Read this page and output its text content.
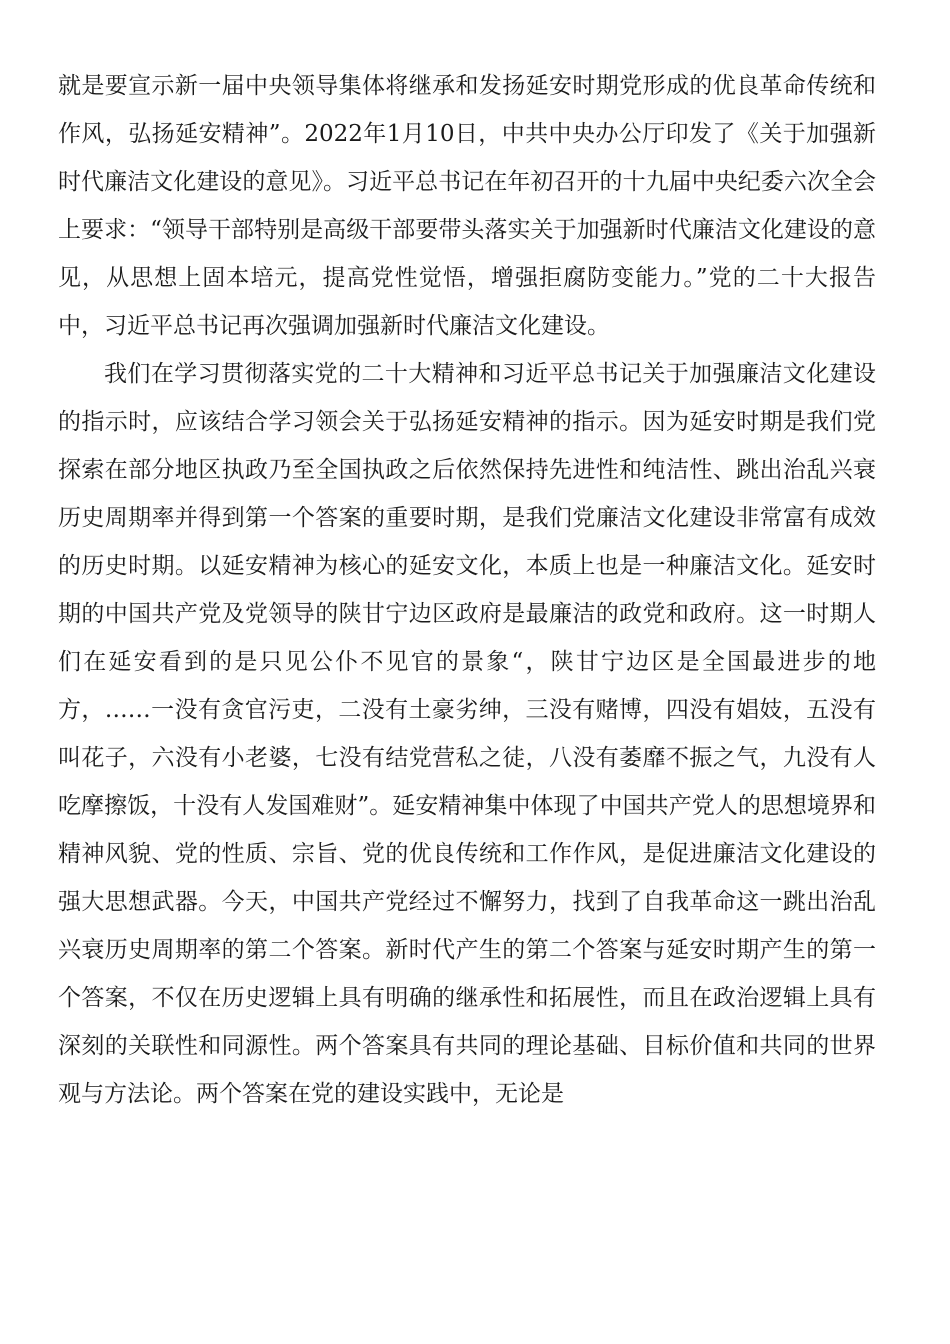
就是要宣示新一届中央领导集体将继承和发扬延安时期党形成的优良革命传统和作风，弘扬延安精神”。2022年1月10日，中共中央办公厅印发了《关于加强新时代廉洁文化建设的意见》。习近平总书记在年初召开的十九届中央纪委六次全会上要求：“领导干部特别是高级干部要带头落实关于加强新时代廉洁文化建设的意见，从思想上固本培元，提高党性觉悟，增强拒腐防变能力。”党的二十大报告中，习近平总书记再次强调加强新时代廉洁文化建设。

我们在学习贯彻落实党的二十大精神和习近平总书记关于加强廉洁文化建设的指示时，应该结合学习领会关于弘扬延安精神的指示。因为延安时期是我们党探索在部分地区执政乃至全国执政之后依然保持先进性和纯洁性、跳出治乱兴衰历史周期率并得到第一个答案的重要时期，是我们党廉洁文化建设非常富有成效的历史时期。以延安精神为核心的延安文化，本质上也是一种廉洁文化。延安时期的中国共产党及党领导的陕甘宁边区政府是最廉洁的政党和政府。这一时期人们在延安看到的是只见公仆不见官的景象“，陕甘宁边区是全国最进步的地方，……一没有贪官污吏，二没有土豪劣绅，三没有赌博，四没有娼妓，五没有叫花子，六没有小老婆，七没有结党营私之徒，八没有萎靡不振之气，九没有人吃摩擦饭，十没有人发国难财”。延安精神集中体现了中国共产党人的思想境界和精神风貌、党的性质、宗旨、党的优良传统和工作作风，是促进廉洁文化建设的强大思想武器。今天，中国共产党经过不懈努力，找到了自我革命这一跳出治乱兴衰历史周期率的第二个答案。新时代产生的第二个答案与延安时期产生的第一个答案，不仅在历史逻辑上具有明确的继承性和拓展性，而且在政治逻辑上具有深刻的关联性和同源性。两个答案具有共同的理论基础、目标价值和共同的世界观与方法论。两个答案在党的建设实践中，无论是
